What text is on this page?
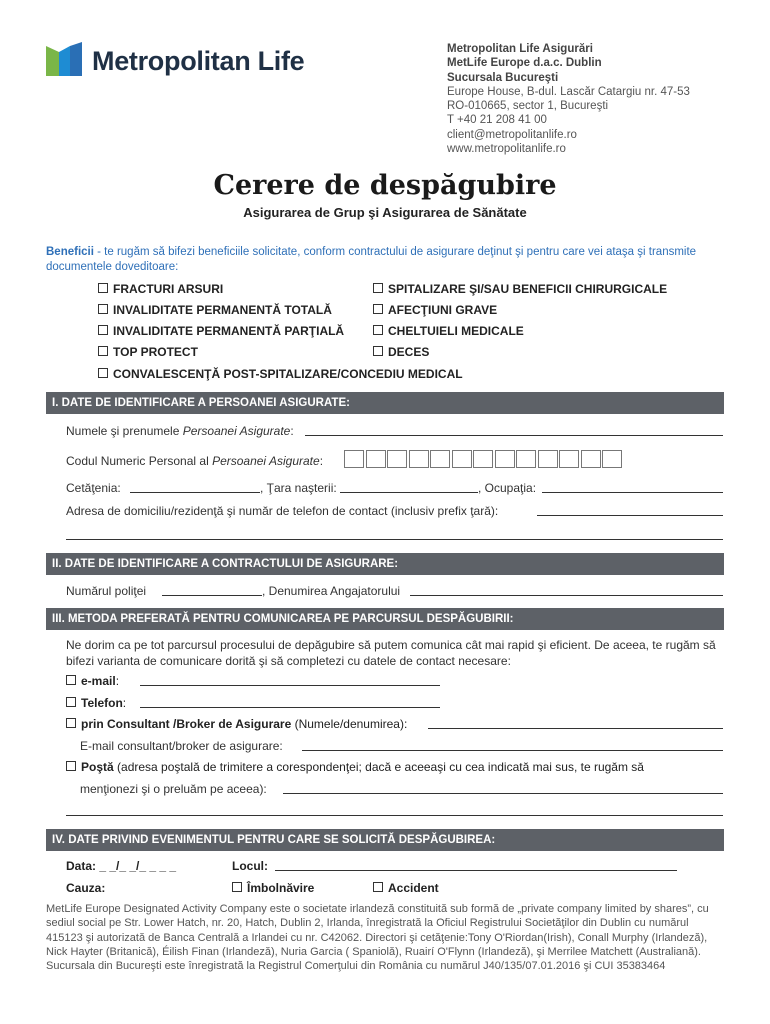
Metropolitan Life	Metropolitan Life Asigurări
MetLife Europe d.a.c. Dublin
Sucursala Bucureşti
Europe House, B-dul. Lascăr Catargiu nr. 47-53
RO-010665, sector 1, Bucureşti
T +40 21 208 41 00
client@metropolitanlife.ro
www.metropolitanlife.ro
Cerere de despăgubire
Asigurarea de Grup şi Asigurarea de Sănătate
Beneficii - te rugăm să bifezi beneficiile solicitate, conform contractului de asigurare deţinut şi pentru care vei ataşa şi transmite documentele doveditoare:
FRACTURI ARSURI
INVALIDITATE PERMANENTĂ TOTALĂ
INVALIDITATE PERMANENTĂ PARŢIALĂ
TOP PROTECT
CONVALESCENŢĂ POST-SPITALIZARE/CONCEDIU MEDICAL
SPITALIZARE ŞI/SAU BENEFICII CHIRURGICALE
AFECŢIUNI GRAVE
CHELTUIELI MEDICALE
DECES
I. DATE DE IDENTIFICARE A PERSOANEI ASIGURATE:
Numele şi prenumele Persoanei Asigurate:
Codul Numeric Personal al Persoanei Asigurate:
Cetăţenia:	, Ţara naşterii:	, Ocupaţia:
Adresa de domiciliu/rezidenţă şi număr de telefon de contact (inclusiv prefix ţară):
II. DATE DE IDENTIFICARE A CONTRACTULUI DE ASIGURARE:
Numărul poliţei	, Denumirea Angajatorului
III. METODA PREFERATĂ PENTRU COMUNICAREA PE PARCURSUL DESPĂGUBIRII:
Ne dorim ca pe tot parcursul procesului de depăgubire să putem comunica cât mai rapid şi eficient. De aceea, te rugăm să bifezi varianta de comunicare dorită şi să completezi cu datele de contact necesare:
e-mail:
Telefon:
prin Consultant /Broker de Asigurare (Numele/denumirea):
E-mail consultant/broker de asigurare:
Poştă (adresa poştală de trimitere a corespondenţei; dacă e aceeaşi cu cea indicată mai sus, te rugăm să
menţionezi şi o preluăm pe aceea):
IV. DATE PRIVIND EVENIMENTUL PENTRU CARE SE SOLICITĂ DESPĂGUBIREA:
Data: _ _/_ _/_ _ _ _	Locul:
Cauza:	Îmbolnăvire	Accident
MetLife Europe Designated Activity Company este o societate irlandeză constituită sub formă de „private company limited by shares”, cu sediul social pe Str. Lower Hatch, nr. 20, Hatch, Dublin 2, Irlanda, înregistrată la Oficiul Registrului Societăţilor din Dublin cu numărul 415123 şi autorizată de Banca Centrală a Irlandei cu nr. C42062. Directori şi cetăţenie:Tony O'Riordan(Irish), Conall Murphy (Irlandeză), Nick Hayter (Britanică), Éilish Finan (Irlandeză), Nuria Garcia ( Spaniolă), Ruairí O'Flynn (Irlandeză), şi Merrilee Matchett (Australiană).
Sucursala din Bucureşti este înregistrată la Registrul Comerţului din România cu numărul J40/135/07.01.2016 şi CUI 35383464
